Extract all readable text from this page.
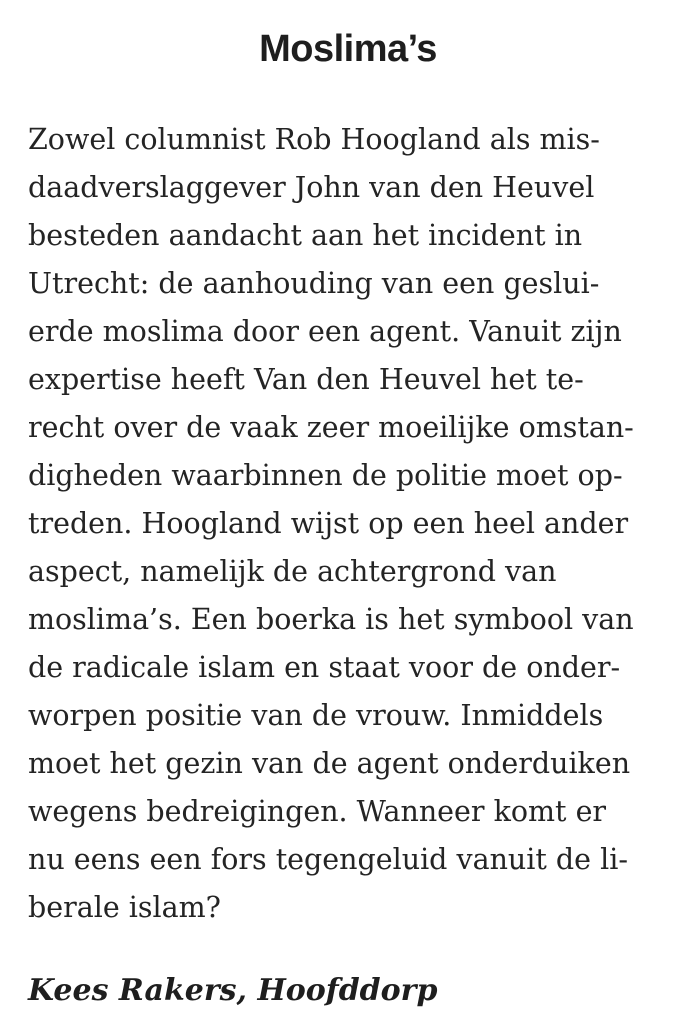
Moslima’s
Zowel columnist Rob Hoogland als mis-
daadverslaggever John van den Heuvel
besteden aandacht aan het incident in
Utrecht: de aanhouding van een geslui-
erde moslima door een agent. Vanuit zijn
expertise heeft Van den Heuvel het te-
recht over de vaak zeer moeilijke omstan-
digheden waarbinnen de politie moet op-
treden. Hoogland wijst op een heel ander
aspect, namelijk de achtergrond van
moslima’s. Een boerka is het symbool van
de radicale islam en staat voor de onder-
worpen positie van de vrouw. Inmiddels
moet het gezin van de agent onderduiken
wegens bedreigingen. Wanneer komt er
nu eens een fors tegengeluid vanuit de li-
berale islam?

Kees Rakers, Hoofddorp
